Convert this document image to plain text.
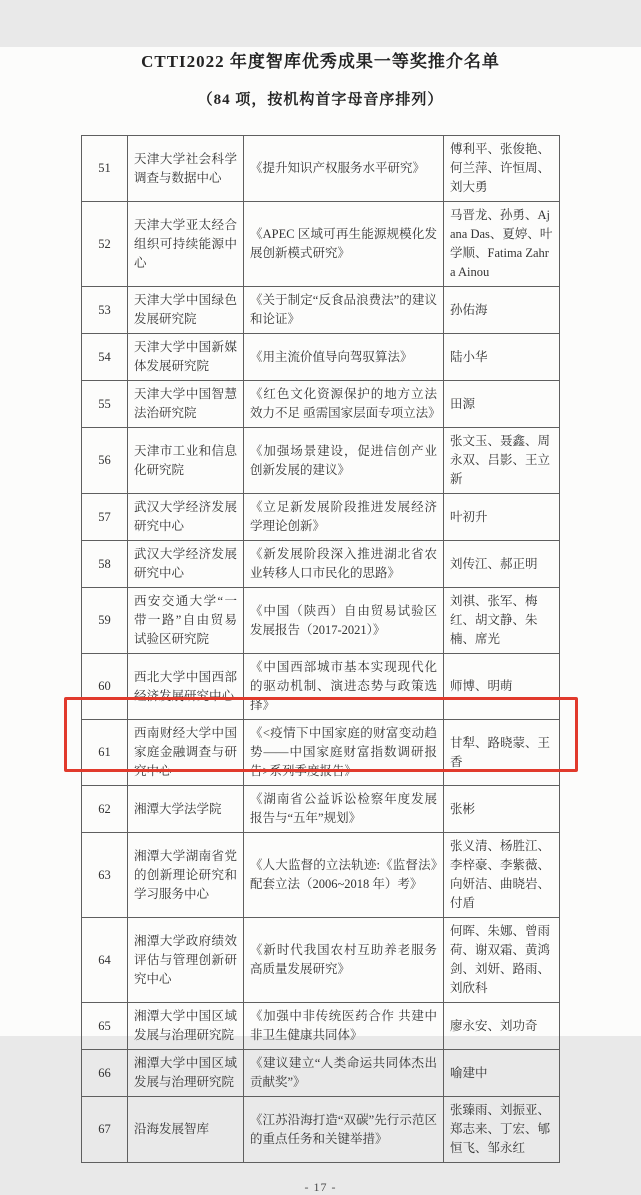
CTTI2022 年度智库优秀成果一等奖推介名单
（84 项，按机构首字母音序排列）
51	天津大学社会科学调查与数据中心	《提升知识产权服务水平研究》	傅利平、张俊艳、何兰萍、许恒周、刘大勇
52	天津大学亚太经合组织可持续能源中心	《APEC 区域可再生能源规模化发展创新模式研究》	马晋龙、孙勇、Ajana Das、夏婷、叶学顺、Fatima Zahra Ainou
53	天津大学中国绿色发展研究院	《关于制定“反食品浪费法”的建议和论证》	孙佑海
54	天津大学中国新媒体发展研究院	《用主流价值导向驾驭算法》	陆小华
55	天津大学中国智慧法治研究院	《红色文化资源保护的地方立法效力不足 亟需国家层面专项立法》	田源
56	天津市工业和信息化研究院	《加强场景建设，促进信创产业创新发展的建议》	张文玉、聂鑫、周永双、吕影、王立新
57	武汉大学经济发展研究中心	《立足新发展阶段推进发展经济学理论创新》	叶初升
58	武汉大学经济发展研究中心	《新发展阶段深入推进湖北省农业转移人口市民化的思路》	刘传江、郝正明
59	西安交通大学“一带一路”自由贸易试验区研究院	《中国（陕西）自由贸易试验区发展报告（2017-2021）》	刘祺、张军、梅红、胡文静、朱楠、席光
60	西北大学中国西部经济发展研究中心	《中国西部城市基本实现现代化的驱动机制、演进态势与政策选择》	师博、明萌
61	西南财经大学中国家庭金融调查与研究中心	《<疫情下中国家庭的财富变动趋势——中国家庭财富指数调研报告>系列季度报告》	甘犁、路晓蒙、王香
62	湘潭大学法学院	《湖南省公益诉讼检察年度发展报告与“五年”规划》	张彬
63	湘潭大学湖南省党的创新理论研究和学习服务中心	《人大监督的立法轨迹:《监督法》配套立法（2006~2018 年）考》	张义清、杨胜江、李梓豪、李紫薇、向妍洁、曲晓岩、付盾
64	湘潭大学政府绩效评估与管理创新研究中心	《新时代我国农村互助养老服务高质量发展研究》	何晖、朱娜、曾雨荷、谢双霜、黄鸿剑、刘妍、路雨、刘欣科
65	湘潭大学中国区域发展与治理研究院	《加强中非传统医药合作 共建中非卫生健康共同体》	廖永安、刘功奇
66	湘潭大学中国区域发展与治理研究院	《建议建立“人类命运共同体杰出贡献奖”》	喻建中
67	沿海发展智库	《江苏沿海打造“双碳”先行示范区的重点任务和关键举措》	张臻雨、刘振亚、郑志来、丁宏、郇恒飞、邹永红
- 17 -
